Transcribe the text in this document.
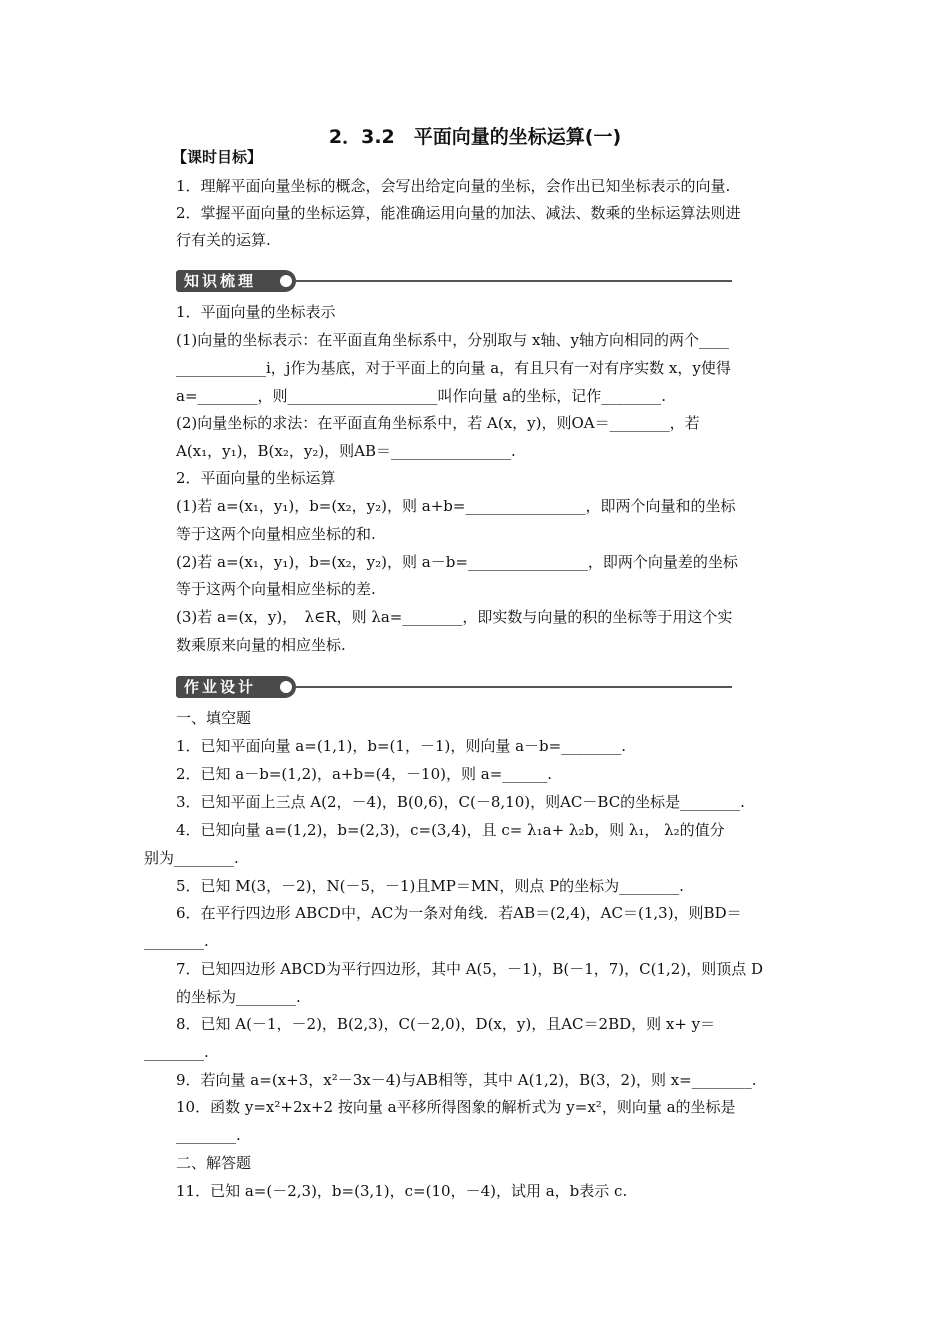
2．3.2　平面向量的坐标运算(一)
【课时目标】
1．理解平面向量坐标的概念，会写出给定向量的坐标，会作出已知坐标表示的向量.
2．掌握平面向量的坐标运算，能准确运用向量的加法、减法、数乘的坐标运算法则进
行有关的运算.
知识梳理
1．平面向量的坐标表示
(1)向量的坐标表示：在平面直角坐标系中，分别取与 x轴、y轴方向相同的两个____
____________i，j作为基底，对于平面上的向量 a，有且只有一对有序实数 x，y使得
a=________，则____________________叫作向量 a的坐标，记作________.
(2)向量坐标的求法：在平面直角坐标系中，若 A(x，y)，则OA＝________，若
A(x₁，y₁)，B(x₂，y₂)，则AB＝________________.
2．平面向量的坐标运算
(1)若 a=(x₁，y₁)，b=(x₂，y₂)，则 a+b=________________，即两个向量和的坐标
等于这两个向量相应坐标的和.
(2)若 a=(x₁，y₁)，b=(x₂，y₂)，则 a－b=________________，即两个向量差的坐标
等于这两个向量相应坐标的差.
(3)若 a=(x，y)，　λ∈R，则 λa=________，即实数与向量的积的坐标等于用这个实
数乘原来向量的相应坐标.
作业设计
一、填空题
1．已知平面向量 a=(1,1)，b=(1，－1)，则向量 a－b=________.
2．已知 a－b=(1,2)，a+b=(4，－10)，则 a=______.
3．已知平面上三点 A(2，－4)，B(0,6)，C(－8,10)，则AC－BC的坐标是________.
4．已知向量 a=(1,2)，b=(2,3)，c=(3,4)，且 c= λ₁a+ λ₂b，则 λ₁， λ₂的值分
别为________.
5．已知 M(3，－2)，N(－5，－1)且MP＝MN，则点 P的坐标为________.
6．在平行四边形 ABCD中，AC为一条对角线．若AB＝(2,4)，AC＝(1,3)，则BD＝
________.
7．已知四边形 ABCD为平行四边形，其中 A(5，－1)，B(－1，7)，C(1,2)，则顶点 D
的坐标为________.
8．已知 A(－1，－2)，B(2,3)，C(－2,0)，D(x，y)，且AC＝2BD，则 x+ y＝
________.
9．若向量 a=(x+3，x²－3x－4)与AB相等，其中 A(1,2)，B(3，2)，则 x=________.
10．函数 y=x²+2x+2 按向量 a平移所得图象的解析式为 y=x²，则向量 a的坐标是
________.
二、解答题
11．已知 a=(－2,3)，b=(3,1)，c=(10，－4)，试用 a，b表示 c.
